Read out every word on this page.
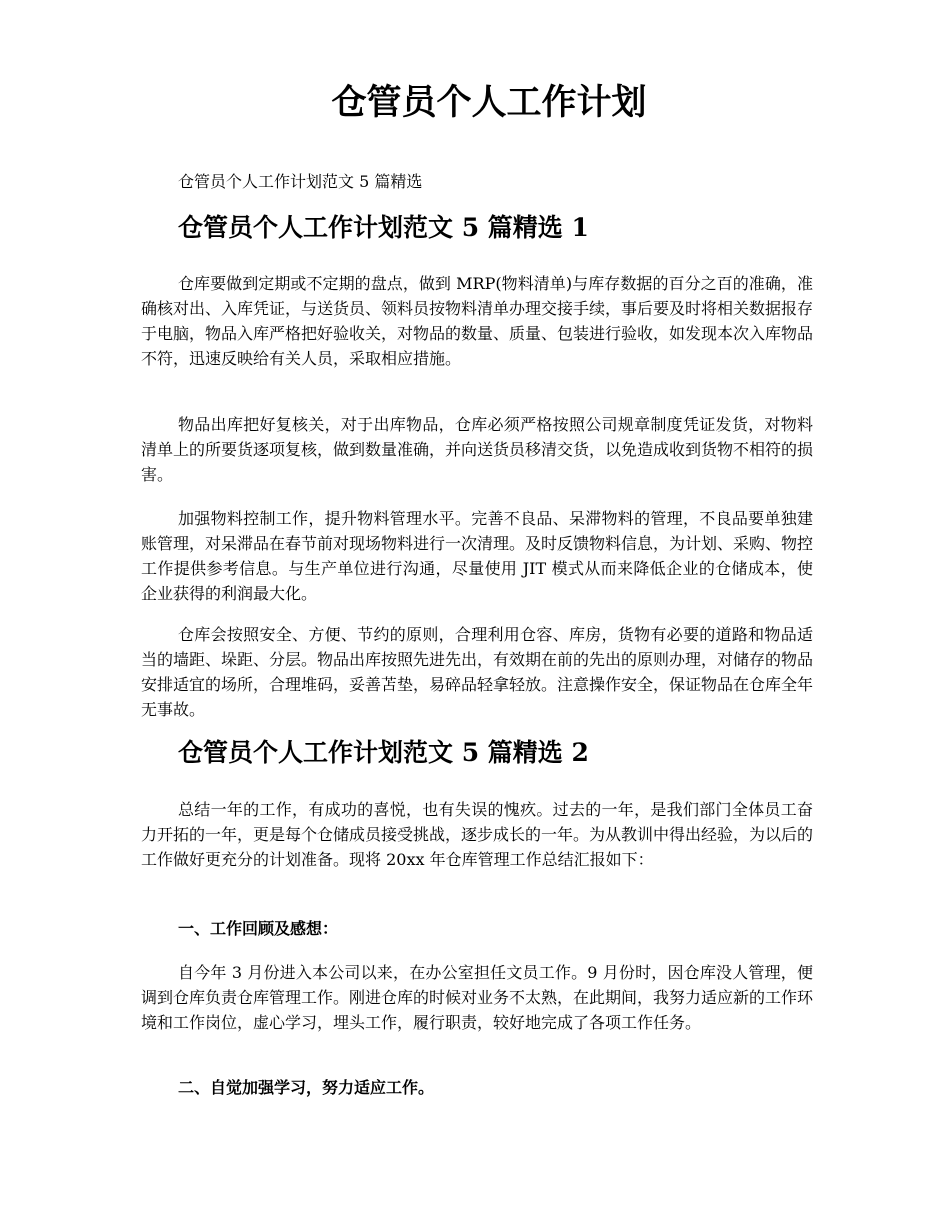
仓管员个人工作计划

仓管员个人工作计划范文 5 篇精选

仓管员个人工作计划范文 5 篇精选 1

仓库要做到定期或不定期的盘点，做到 MRP(物料清单)与库存数据的百分之百的准确，准确核对出、入库凭证，与送货员、领料员按物料清单办理交接手续，事后要及时将相关数据报存于电脑，物品入库严格把好验收关，对物品的数量、质量、包装进行验收，如发现本次入库物品不符，迅速反映给有关人员，采取相应措施。

物品出库把好复核关，对于出库物品，仓库必须严格按照公司规章制度凭证发货，对物料清单上的所要货逐项复核，做到数量准确，并向送货员移清交货，以免造成收到货物不相符的损害。

加强物料控制工作，提升物料管理水平。完善不良品、呆滞物料的管理，不良品要单独建账管理，对呆滞品在春节前对现场物料进行一次清理。及时反馈物料信息，为计划、采购、物控工作提供参考信息。与生产单位进行沟通，尽量使用 JIT 模式从而来降低企业的仓储成本，使企业获得的利润最大化。

仓库会按照安全、方便、节约的原则，合理利用仓容、库房，货物有必要的道路和物品适当的墙距、垛距、分层。物品出库按照先进先出，有效期在前的先出的原则办理，对储存的物品安排适宜的场所，合理堆码，妥善苫垫，易碎品轻拿轻放。注意操作安全，保证物品在仓库全年无事故。

仓管员个人工作计划范文 5 篇精选 2

总结一年的工作，有成功的喜悦，也有失误的愧疚。过去的一年，是我们部门全体员工奋力开拓的一年，更是每个仓储成员接受挑战，逐步成长的一年。为从教训中得出经验，为以后的工作做好更充分的计划准备。现将 20xx 年仓库管理工作总结汇报如下：

一、工作回顾及感想：

自今年 3 月份进入本公司以来，在办公室担任文员工作。9 月份时，因仓库没人管理，便调到仓库负责仓库管理工作。刚进仓库的时候对业务不太熟，在此期间，我努力适应新的工作环境和工作岗位，虚心学习，埋头工作，履行职责，较好地完成了各项工作任务。

二、自觉加强学习，努力适应工作。
